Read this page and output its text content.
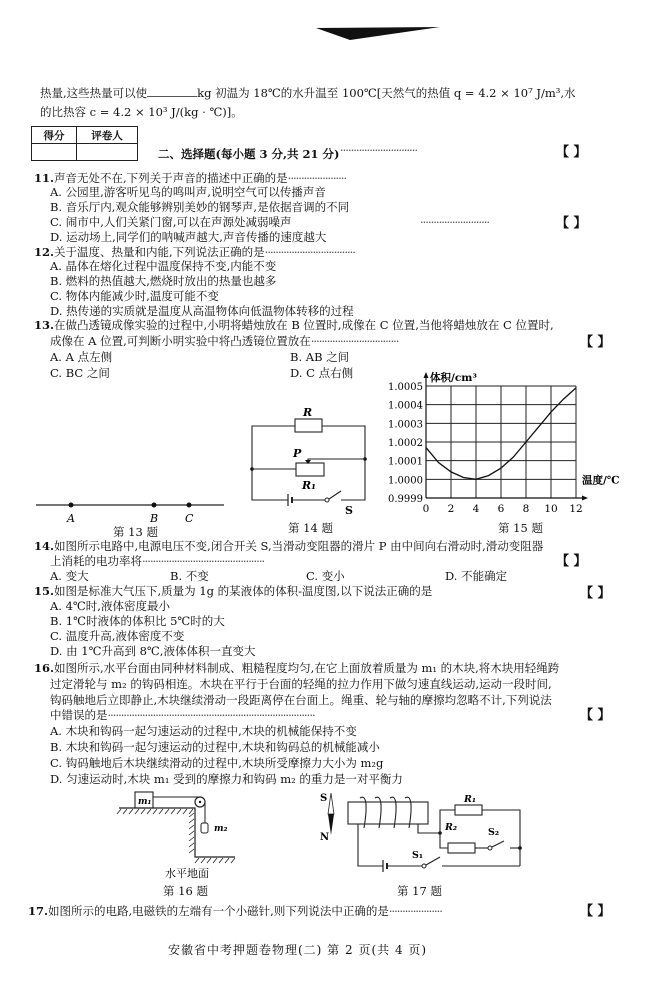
热量,这些热量可以使	kg 初温为 18℃的水升温至 100℃[天然气的热值 q = 4.2 × 10⁷ J/m³,水
的比热容 c = 4.2 × 10³ J/(kg · ℃)]。
得分	评卷人

二、选择题(每小题 3 分,共 21 分) ·····························	【 】
11.声音无处不在,下列关于声音的描述中正确的是······················
A. 公园里,游客听见鸟的鸣叫声,说明空气可以传播声音
B. 音乐厅内,观众能够辨别美妙的钢琴声,是依据音调的不同
C. 闹市中,人们关紧门窗,可以在声源处减弱噪声
D. 运动场上,同学们的呐喊声越大,声音传播的速度越大
··························	【 】
12.关于温度、热量和内能,下列说法正确的是··································
A. 晶体在熔化过程中温度保持不变,内能不变
B. 燃料的热值越大,燃烧时放出的热量也越多
C. 物体内能减少时,温度可能不变
D. 热传递的实质就是温度从高温物体向低温物体转移的过程
13.在做凸透镜成像实验的过程中,小明将蜡烛放在 B 位置时,成像在 C 位置,当他将蜡烛放在 C 位置时,
成像在 A 位置,可判断小明实验中将凸透镜位置放在·································	【 】
A. A 点左侧	B. AB 之间
C. BC 之间	D. C 点右侧
A	B C
第 13 题
R
P
R₁
S
第 14 题
0 2 4 6 8 10 12
0.9999
1.0000
1.0001
1.0002
1.0003
1.0004
1.0005
体积/cm³
温度/℃
第 15 题
14.如图所示电路中,电源电压不变,闭合开关 S,当滑动变阻器的滑片 P 由中间向右滑动时,滑动变阻器
上消耗的电功率将··············································	【 】
A. 变大	B. 不变	C. 变小	D. 不能确定
15.如图是标准大气压下,质量为 1g 的某液体的体积-温度图,以下说法正确的是	【 】
A. 4℃时,液体密度最小
B. 1℃时液体的体积比 5℃时的大
C. 温度升高,液体密度不变
D. 由 1℃升高到 8℃,液体体积一直变大
16.如图所示,水平台面由同种材料制成、粗糙程度均匀,在它上面放着质量为 m₁ 的木块,将木块用轻绳跨
过定滑轮与 m₂ 的钩码相连。木块在平行于台面的轻绳的拉力作用下做匀速直线运动,运动一段时间,
钩码触地后立即静止,木块继续滑动一段距离停在台面上。绳重、轮与轴的摩擦均忽略不计,下列说法
中错误的是··············································································	【 】
A. 木块和钩码一起匀速运动的过程中,木块的机械能保持不变
B. 木块和钩码一起匀速运动的过程中,木块和钩码总的机械能减小
C. 钩码触地后木块继续滑动的过程中,木块所受摩擦力大小为 m₂g
D. 匀速运动时,木块 m₁ 受到的摩擦力和钩码 m₂ 的重力是一对平衡力
m₁
m₂
水平地面
第 16 题
S
N
S₁
R₁
R₂	S₂
第 17 题
17.如图所示的电路,电磁铁的左端有一个小磁针,则下列说法中正确的是····················	【 】
安徽省中考押题卷物理(二) 第 2 页(共 4 页)
